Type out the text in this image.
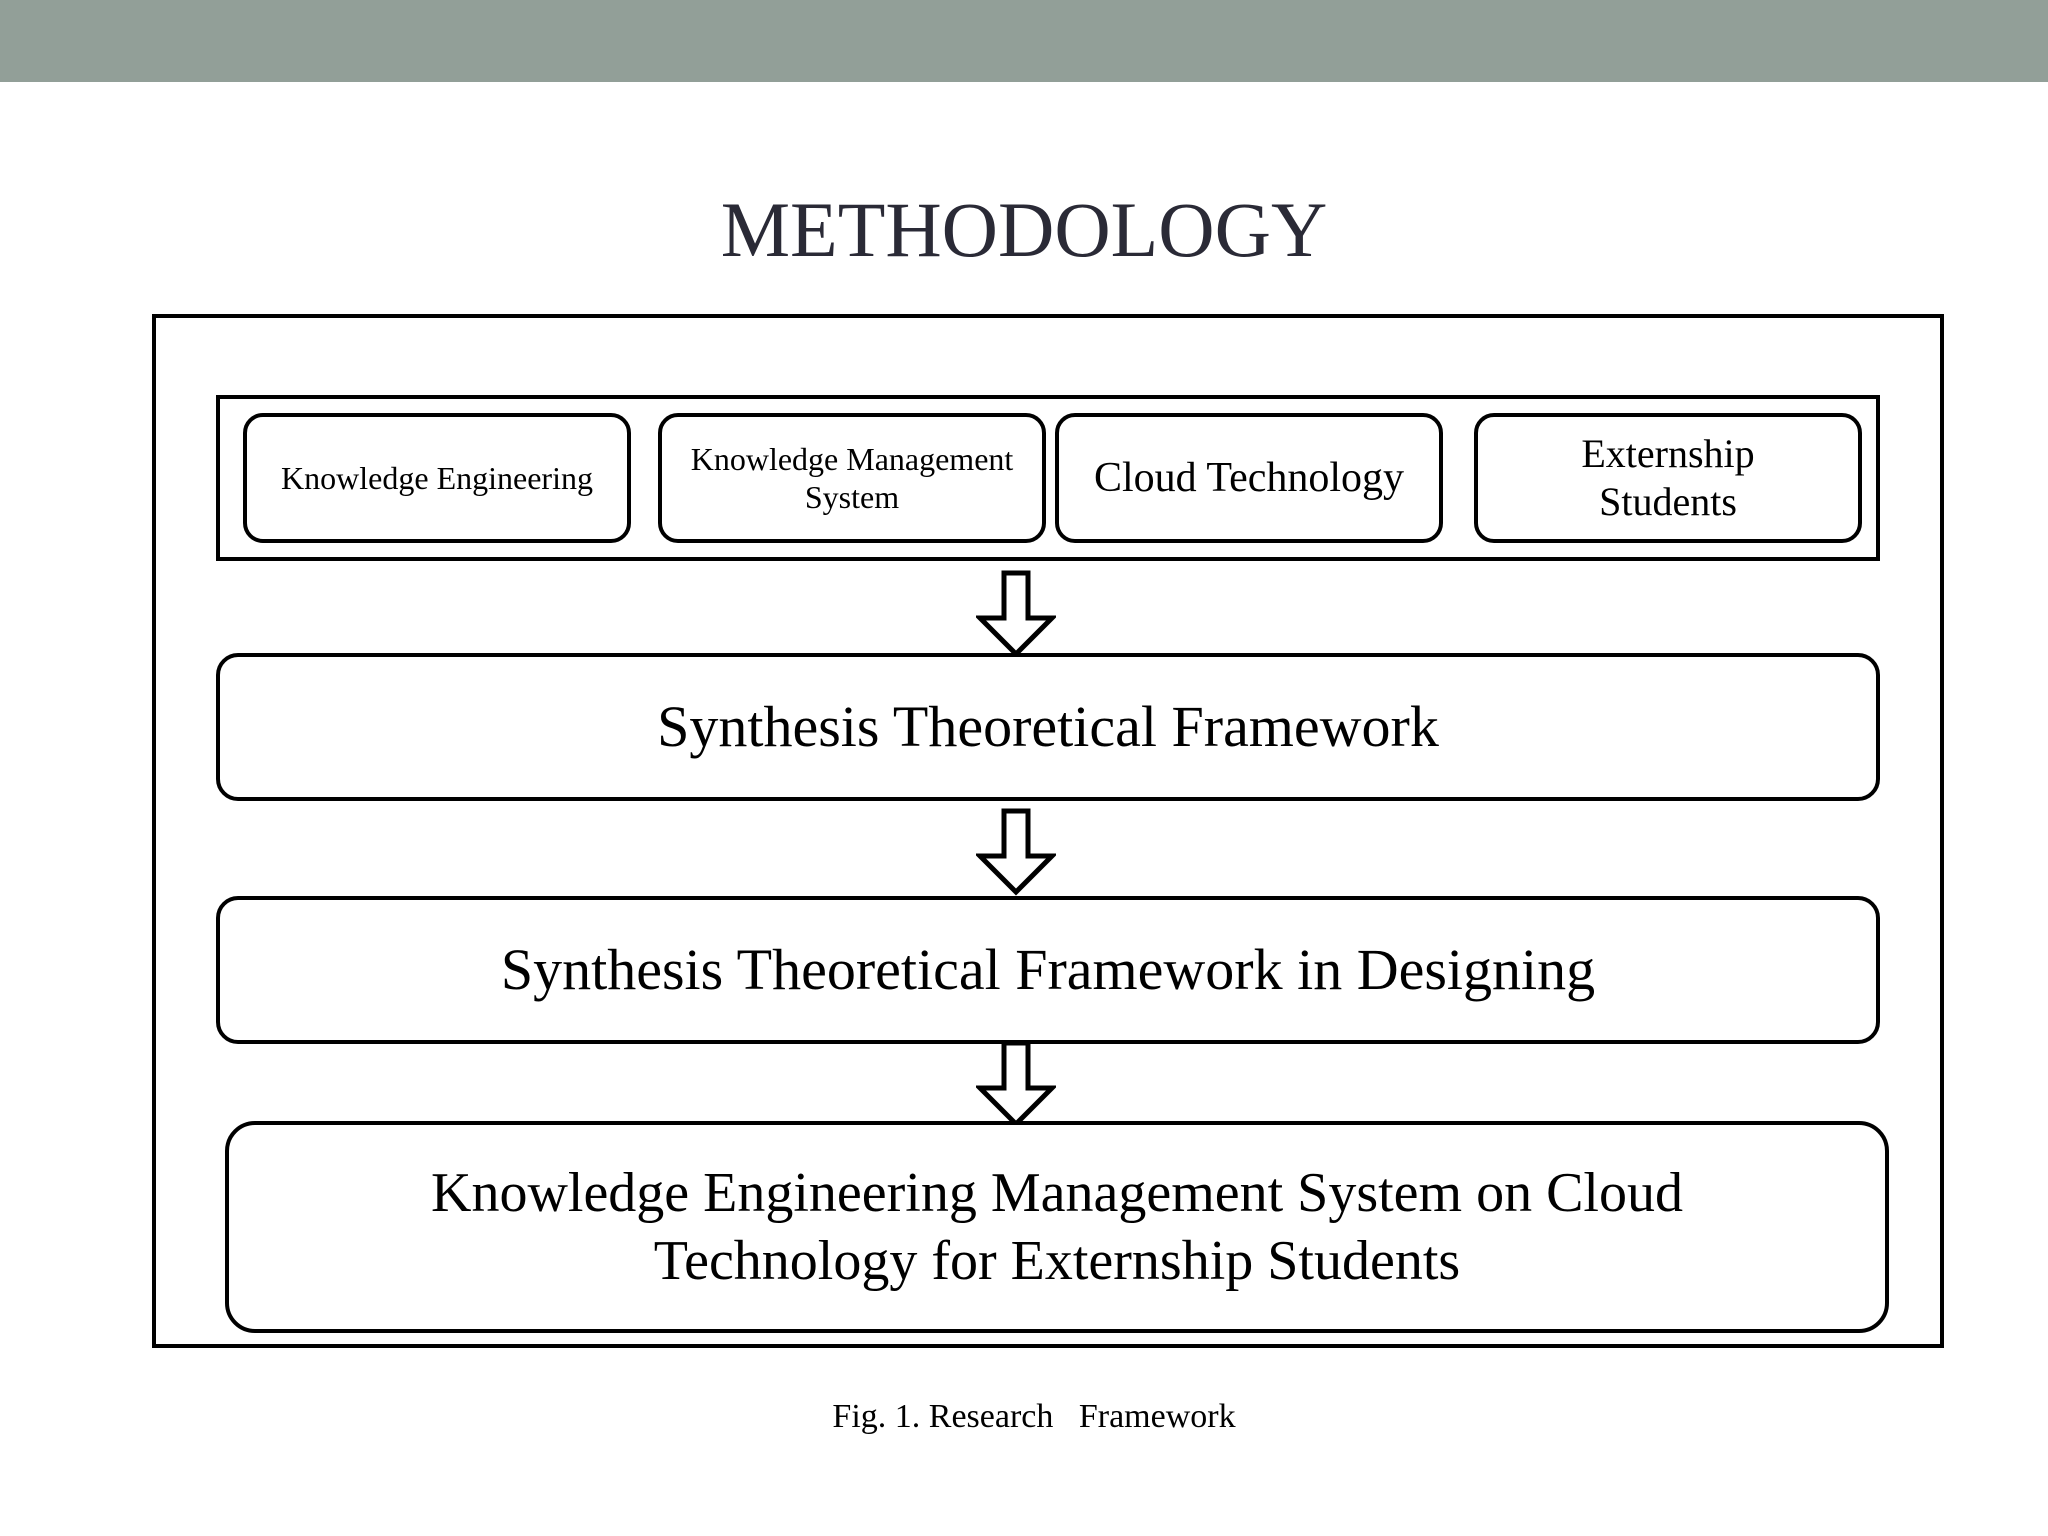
METHODOLOGY
Knowledge Engineering
Knowledge Management System	Cloud Technology
Externship Students
Synthesis Theoretical Framework
Synthesis Theoretical Framework in Designing
Knowledge Engineering Management System on Cloud Technology for Externship Students
Fig. 1. Research   Framework
